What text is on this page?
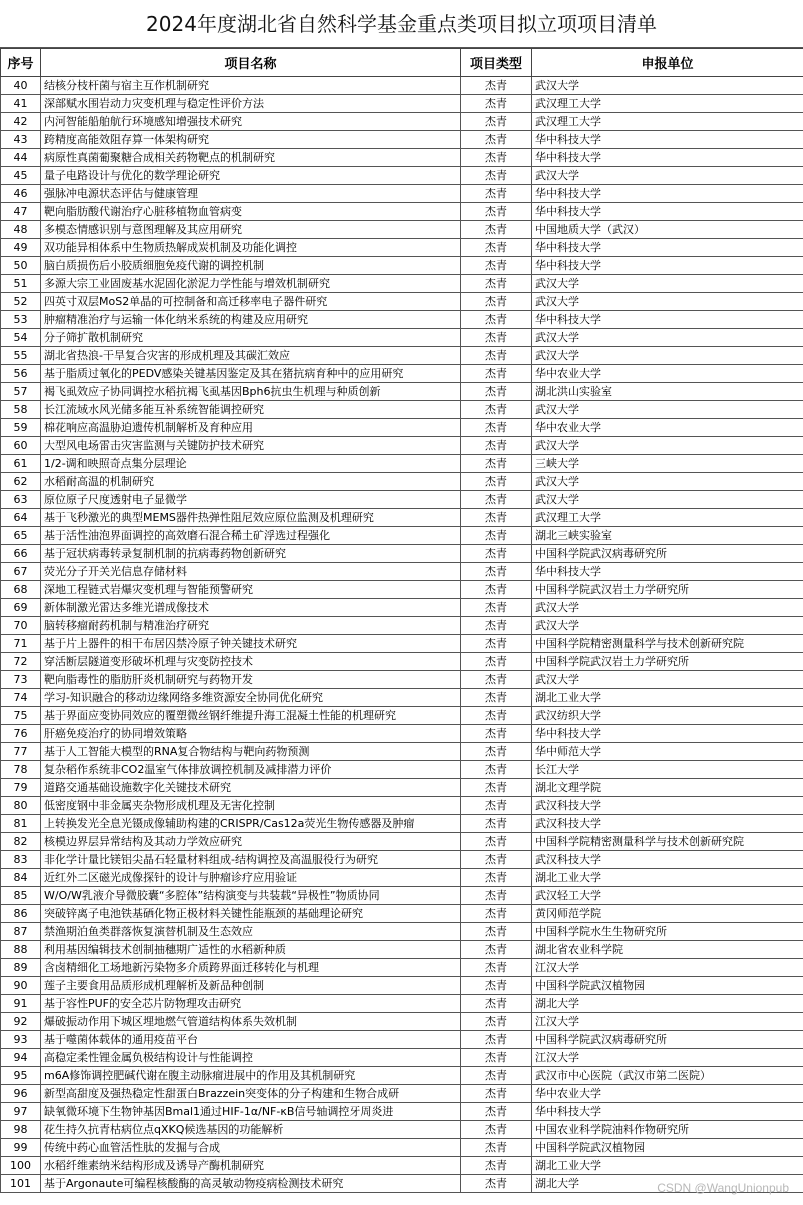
2024年度湖北省自然科学基金重点类项目拟立项项目清单
序号	项目名称	项目类型	申报单位
40	结核分枝杆菌与宿主互作机制研究	杰青	武汉大学
41	深部赋水围岩动力灾变机理与稳定性评价方法	杰青	武汉理工大学
42	内河智能船舶航行环境感知增强技术研究	杰青	武汉理工大学
43	跨精度高能效阻存算一体架构研究	杰青	华中科技大学
44	病原性真菌葡聚糖合成相关药物靶点的机制研究	杰青	华中科技大学
45	量子电路设计与优化的数学理论研究	杰青	武汉大学
46	强脉冲电源状态评估与健康管理	杰青	华中科技大学
47	靶向脂肪酸代谢治疗心脏移植物血管病变	杰青	华中科技大学
48	多模态情感识别与意图理解及其应用研究	杰青	中国地质大学（武汉）
49	双功能异相体系中生物质热解成炭机制及功能化调控	杰青	华中科技大学
50	脑白质损伤后小胶质细胞免疫代谢的调控机制	杰青	华中科技大学
51	多源大宗工业固废基水泥固化淤泥力学性能与增效机制研究	杰青	武汉大学
52	四英寸双层MoS2单晶的可控制备和高迁移率电子器件研究	杰青	武汉大学
53	肿瘤精准治疗与运输一体化纳米系统的构建及应用研究	杰青	华中科技大学
54	分子筛扩散机制研究	杰青	武汉大学
55	湖北省热浪-干旱复合灾害的形成机理及其碳汇效应	杰青	武汉大学
56	基于脂质过氧化的PEDV感染关键基因鉴定及其在猪抗病育种中的应用研究	杰青	华中农业大学
57	褐飞虱效应子协同调控水稻抗褐飞虱基因Bph6抗虫生机理与种质创新	杰青	湖北洪山实验室
58	长江流域水风光储多能互补系统智能调控研究	杰青	武汉大学
59	棉花响应高温胁迫遗传机制解析及育种应用	杰青	华中农业大学
60	大型风电场雷击灾害监测与关键防护技术研究	杰青	武汉大学
61	1/2-调和映照奇点集分层理论	杰青	三峡大学
62	水稻耐高温的机制研究	杰青	武汉大学
63	原位原子尺度透射电子显微学	杰青	武汉大学
64	基于飞秒激光的典型MEMS器件热弹性阻尼效应原位监测及机理研究	杰青	武汉理工大学
65	基于活性油泡界面调控的高效磨石混合稀土矿浮选过程强化	杰青	湖北三峡实验室
66	基于冠状病毒转录复制机制的抗病毒药物创新研究	杰青	中国科学院武汉病毒研究所
67	荧光分子开关光信息存储材料	杰青	华中科技大学
68	深地工程链式岩爆灾变机理与智能预警研究	杰青	中国科学院武汉岩土力学研究所
69	新体制激光雷达多维光谱成像技术	杰青	武汉大学
70	脑转移瘤耐药机制与精准治疗研究	杰青	武汉大学
71	基于片上器件的相干布居囚禁冷原子钟关键技术研究	杰青	中国科学院精密测量科学与技术创新研究院
72	穿活断层隧道变形破坏机理与灾变防控技术	杰青	中国科学院武汉岩土力学研究所
73	靶向脂毒性的脂肪肝炎机制研究与药物开发	杰青	武汉大学
74	学习-知识融合的移动边缘网络多维资源安全协同优化研究	杰青	湖北工业大学
75	基于界面应变协同效应的覆塑微丝钢纤维提升海工混凝土性能的机理研究	杰青	武汉纺织大学
76	肝癌免疫治疗的协同增效策略	杰青	华中科技大学
77	基于人工智能大模型的RNA复合物结构与靶向药物预测	杰青	华中师范大学
78	复杂稻作系统非CO2温室气体排放调控机制及减排潜力评价	杰青	长江大学
79	道路交通基础设施数字化关键技术研究	杰青	湖北文理学院
80	低密度钢中非金属夹杂物形成机理及无害化控制	杰青	武汉科技大学
81	上转换发光全息光镊成像辅助构建的CRISPR/Cas12a荧光生物传感器及肿瘤	杰青	武汉科技大学
82	核模边界层异常结构及其动力学效应研究	杰青	中国科学院精密测量科学与技术创新研究院
83	非化学计量比镁铝尖晶石轻量材料组成-结构调控及高温服役行为研究	杰青	武汉科技大学
84	近红外二区磁光成像探针的设计与肿瘤诊疗应用验证	杰青	湖北工业大学
85	W/O/W乳液介导微胶囊“多腔体”结构演变与共装载“异极性”物质协同	杰青	武汉轻工大学
86	突破锌离子电池铁基硒化物正极材料关键性能瓶颈的基础理论研究	杰青	黄冈师范学院
87	禁渔期泊鱼类群落恢复演替机制及生态效应	杰青	中国科学院水生生物研究所
88	利用基因编辑技术创制抽穗期广适性的水稻新种质	杰青	湖北省农业科学院
89	含卤精细化工场地新污染物多介质跨界面迁移转化与机理	杰青	江汉大学
90	莲子主要食用品质形成机理解析及新品种创制	杰青	中国科学院武汉植物园
91	基于容性PUF的安全芯片防物理攻击研究	杰青	湖北大学
92	爆破振动作用下城区埋地燃气管道结构体系失效机制	杰青	江汉大学
93	基于噬菌体载体的通用疫苗平台	杰青	中国科学院武汉病毒研究所
94	高稳定柔性锂金属负极结构设计与性能调控	杰青	江汉大学
95	m6A修饰调控肥碱代谢在腹主动脉瘤进展中的作用及其机制研究	杰青	武汉市中心医院（武汉市第二医院）
96	新型高甜度及强热稳定性甜蛋白Brazzein突变体的分子构建和生物合成研	杰青	华中农业大学
97	缺氧微环境下生物钟基因Bmal1通过HIF-1α/NF-κB信号轴调控牙周炎进	杰青	华中科技大学
98	花生持久抗青枯病位点qXKQ候选基因的功能解析	杰青	中国农业科学院油料作物研究所
99	传统中药心血管活性肽的发掘与合成	杰青	中国科学院武汉植物园
100	水稻纤维素纳米结构形成及诱导产酶机制研究	杰青	湖北工业大学
101	基于Argonaute可编程核酸酶的高灵敏动物疫病检测技术研究	杰青	湖北大学	CSDN @WangUnionpub
